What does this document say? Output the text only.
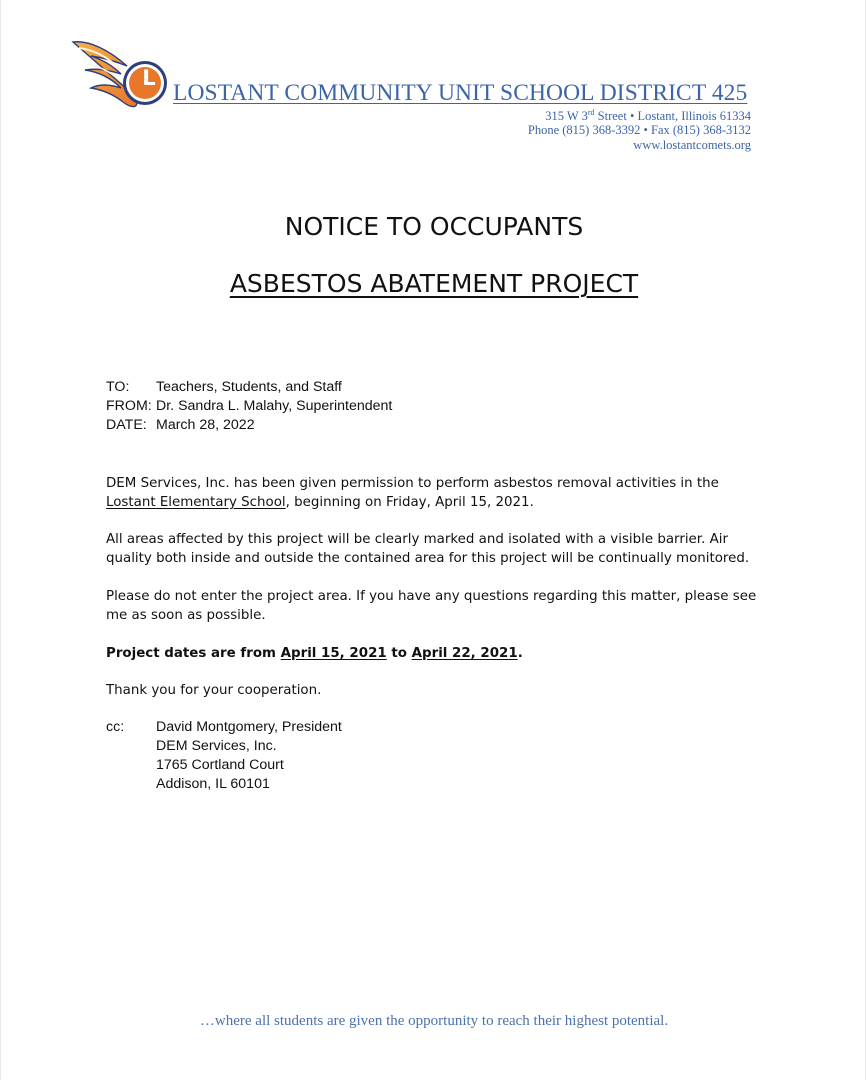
L
LOSTANT COMMUNITY UNIT SCHOOL DISTRICT 425
315 W 3rd Street • Lostant, Illinois 61334
Phone (815) 368-3392 • Fax (815) 368-3132
www.lostantcomets.org
NOTICE TO OCCUPANTS
ASBESTOS ABATEMENT PROJECT
TO: Teachers, Students, and Staff
FROM: Dr. Sandra L. Malahy, Superintendent
DATE: March 28, 2022
DEM Services, Inc. has been given permission to perform asbestos removal activities in the Lostant Elementary School, beginning on Friday, April 15, 2021.
All areas affected by this project will be clearly marked and isolated with a visible barrier. Air quality both inside and outside the contained area for this project will be continually monitored.
Please do not enter the project area. If you have any questions regarding this matter, please see me as soon as possible.
Project dates are from April 15, 2021 to April 22, 2021.
Thank you for your cooperation.
cc: David Montgomery, President
DEM Services, Inc.
1765 Cortland Court
Addison, IL 60101
…where all students are given the opportunity to reach their highest potential.
